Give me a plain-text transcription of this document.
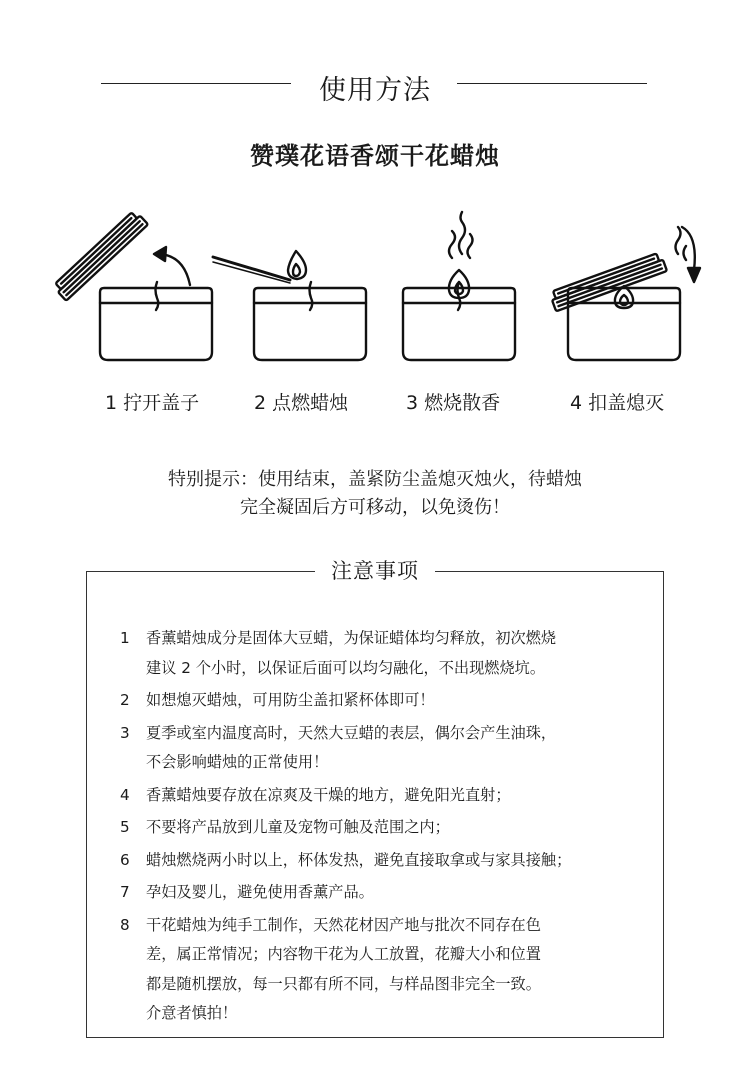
使用方法
赞璞花语香颂干花蜡烛
1 拧开盖子	2 点燃蜡烛	3 燃烧散香	4 扣盖熄灭
特别提示：使用结束，盖紧防尘盖熄灭烛火，待蜡烛
完全凝固后方可移动，以免烫伤！
注意事项
1	香薰蜡烛成分是固体大豆蜡，为保证蜡体均匀释放，初次燃烧
建议 2 个小时，以保证后面可以均匀融化，不出现燃烧坑。
2	如想熄灭蜡烛，可用防尘盖扣紧杯体即可！
3	夏季或室内温度高时，天然大豆蜡的表层，偶尔会产生油珠，
不会影响蜡烛的正常使用！
4	香薰蜡烛要存放在凉爽及干燥的地方，避免阳光直射；
5	不要将产品放到儿童及宠物可触及范围之内；
6	蜡烛燃烧两小时以上，杯体发热，避免直接取拿或与家具接触；
7	孕妇及婴儿，避免使用香薰产品。
8	干花蜡烛为纯手工制作，天然花材因产地与批次不同存在色
差，属正常情况；内容物干花为人工放置，花瓣大小和位置
都是随机摆放，每一只都有所不同，与样品图非完全一致。
介意者慎拍！
